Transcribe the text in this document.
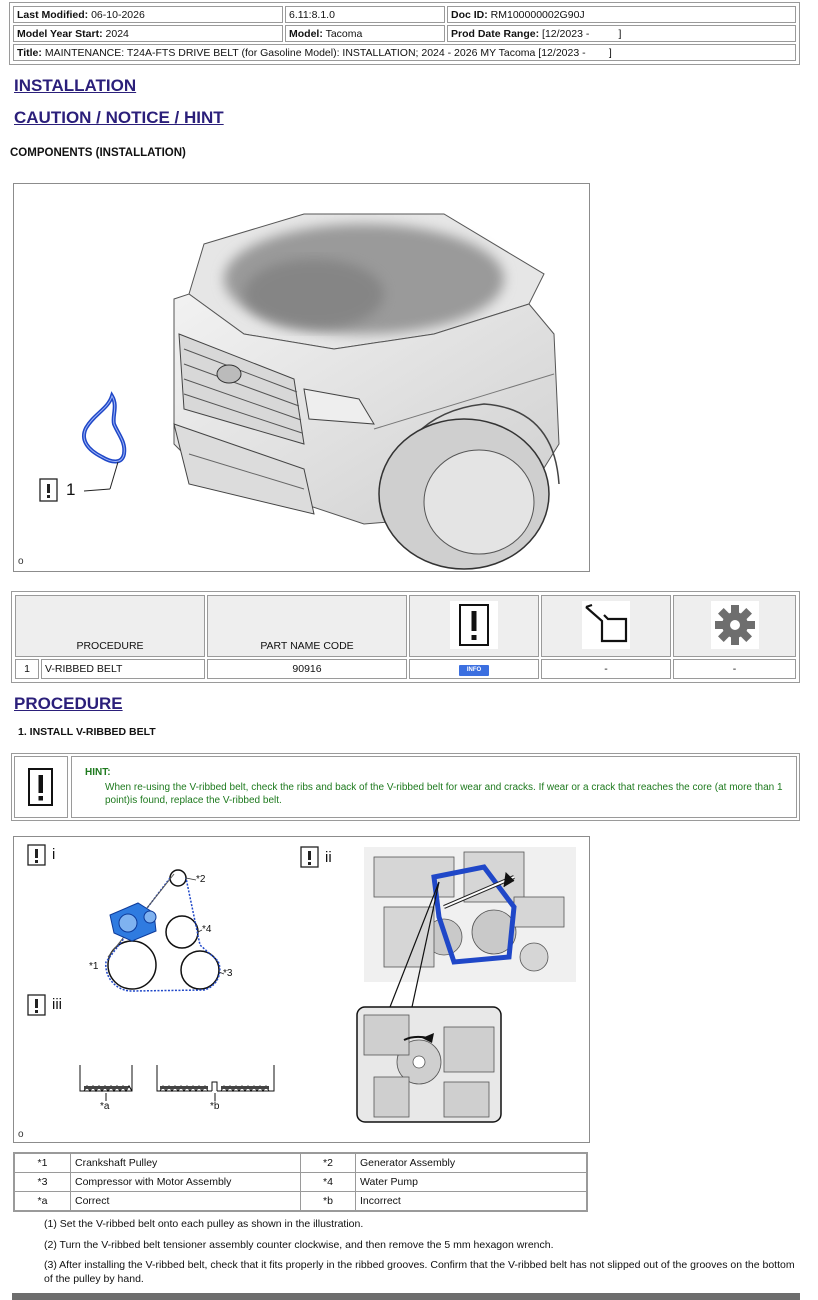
Last Modified: 06-10-2026	6.11:8.1.0	Doc ID: RM100000002G90J
Model Year Start: 2024	Model: Tacoma	Prod Date Range: [12/2023 -          ]
Title: MAINTENANCE: T24A-FTS DRIVE BELT (for Gasoline Model): INSTALLATION; 2024 - 2026 MY Tacoma [12/2023 -        ]		
INSTALLATION
CAUTION / NOTICE / HINT
COMPONENTS (INSTALLATION)
1
o
PROCEDURE		PART NAME CODE			
1	V-RIBBED BELT	90916	INFO	-	-
PROCEDURE
1. INSTALL V-RIBBED BELT
HINT:
When re-using the V-ribbed belt, check the ribs and back of the V-ribbed belt for wear and cracks. If wear or a crack that reaches the core (at more than 1 point)is found, replace the V-ribbed belt.
i	ii
iii
*2
*4
*1
*3
*a	*b
o
*1	Crankshaft Pulley	*2	Generator Assembly
*3	Compressor with Motor Assembly	*4	Water Pump
*a	Correct	*b	Incorrect
(1) Set the V-ribbed belt onto each pulley as shown in the illustration.
(2) Turn the V-ribbed belt tensioner assembly counter clockwise, and then remove the 5 mm hexagon wrench.
(3) After installing the V-ribbed belt, check that it fits properly in the ribbed grooves. Confirm that the V-ribbed belt has not slipped out of the grooves on the bottom of the pulley by hand.
